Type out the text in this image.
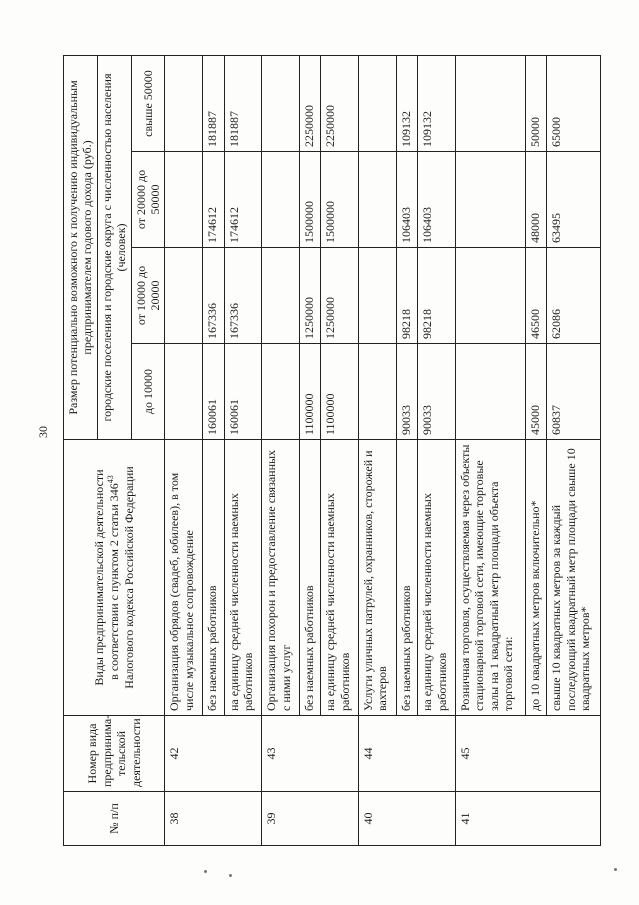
30
№ п/п	Номер вида предпринима-тельской деятельности	Виды предпринимательской деятельности
в соответствии с пунктом 2 статьи $346^{43}$ Налогового кодекса Российской Федерации	Размер потенциально возможного к получению индивидуальным предпринимателем годового дохода (руб.)			
			городские поселения и городские округа с численностью населения (человек)			
			до 10000	от 10000 до 20000	от 20000 до 50000	свыше 50000
38	42	Организация обрядов (свадеб, юбилеев), в том числе музыкальное сопровождение				
		без наемных работников	160061	167336	174612	181887
		на единицу средней численности наемных работников	160061	167336	174612	181887
39	43	Организация похорон и предоставление связанных с ними услуг				
		без наемных работников	1100000	1250000	1500000	2250000
		на единицу средней численности наемных работников	1100000	1250000	1500000	2250000
40	44	Услуги уличных патрулей, охранников, сторожей и вахтеров				
		без наемных работников	90033	98218	106403	109132
		на единицу средней численности наемных работников	90033	98218	106403	109132
41	45	Розничная торговля, осуществляемая через объекты стационарной торговой сети, имеющие торговые залы на 1 квадратный метр площади объекта торговой сети:				
		до 10 квадратных метров включительно*	45000	46500	48000	50000
		свыше 10 квадратных метров за каждый последующий квадратный метр площади свыше 10 квадратных метров*	60837	62086	63495	65000
